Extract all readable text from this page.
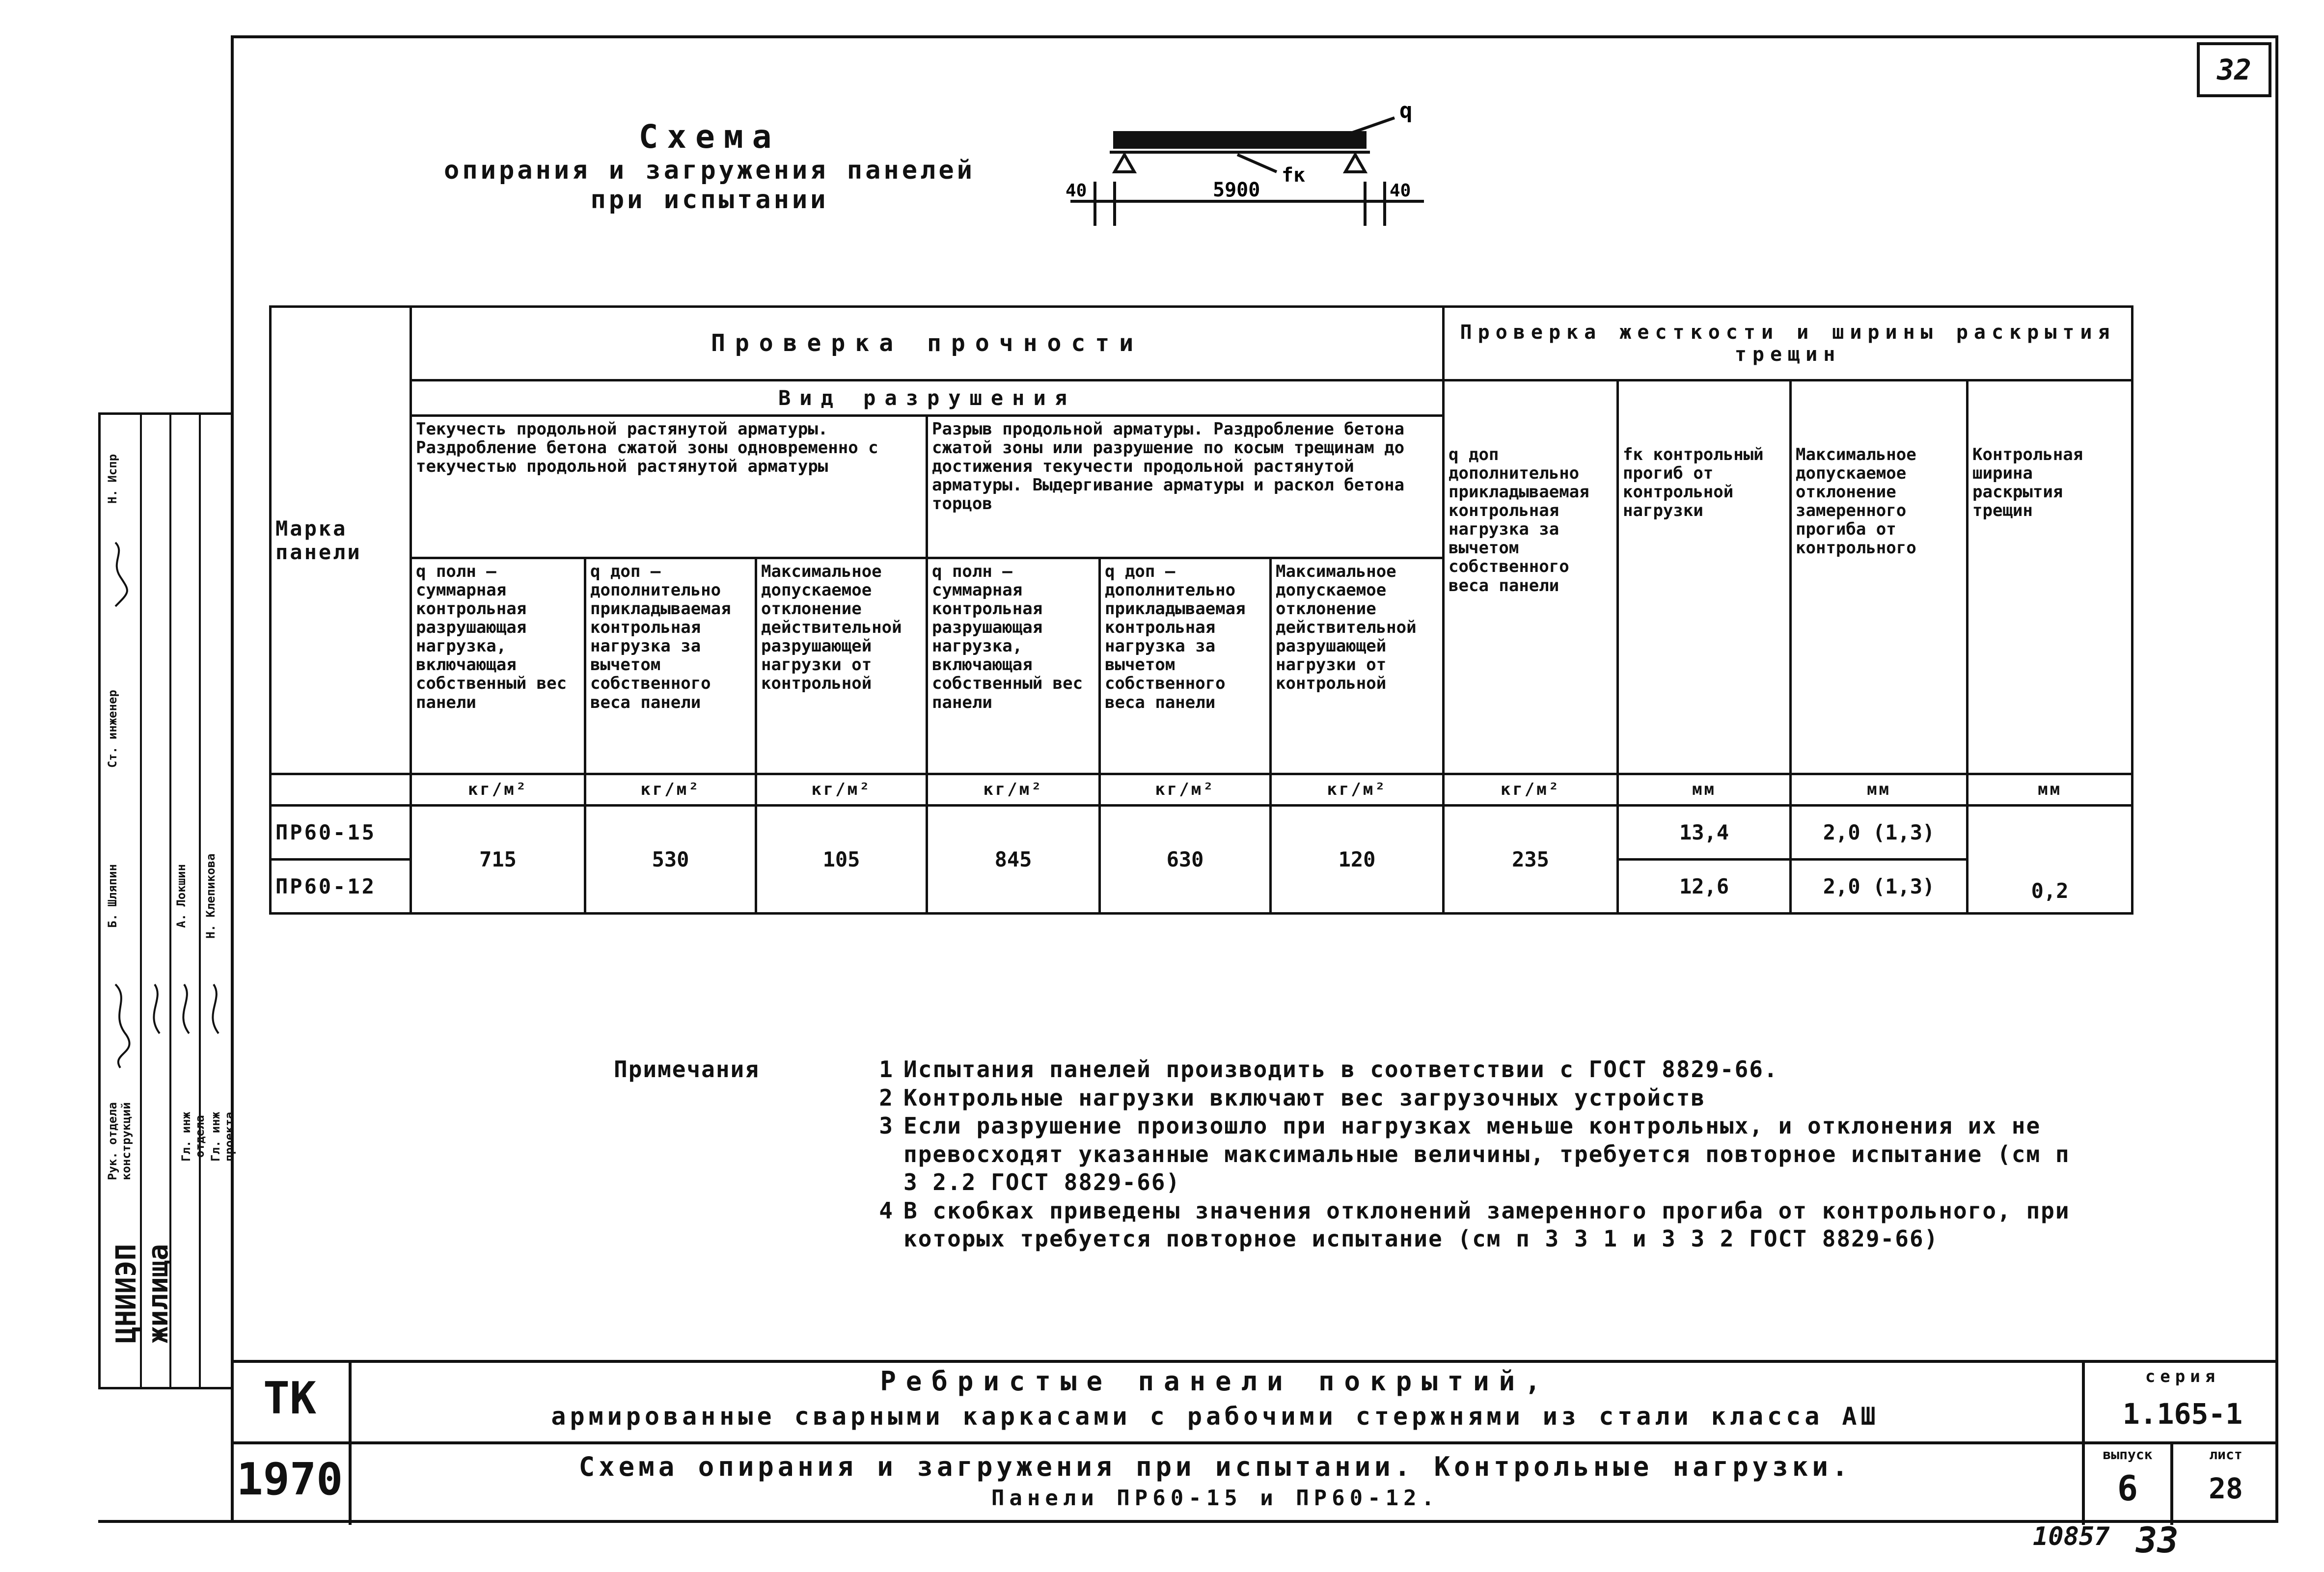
32
Схема
опирания и загружения панелей
при испытании
q
fк
40	5900	40
Марка панели	Проверка прочности						Проверка жесткости и ширины раскрытия трещин			
	Вид разрушения						q доп дополнительно прикладываемая контрольная нагрузка за вычетом собственного веса панели	fк контрольный прогиб от контрольной нагрузки	Максимальное допускаемое отклонение замеренного прогиба от контрольного	Контрольная ширина раскрытия трещин
	Текучесть продольной растянутой арматуры. Раздробление бетона сжатой зоны одновременно с текучестью продольной растянутой арматуры			Разрыв продольной арматуры. Раздробление бетона сжатой зоны или разрушение по косым трещинам до достижения текучести продольной растянутой арматуры. Выдергивание арматуры и раскол бетона торцов						
	q полн — суммарная контрольная разрушающая нагрузка, включающая собственный вес панели	q доп — дополнительно прикладываемая контрольная нагрузка за вычетом собственного веса панели	Максимальное допускаемое отклонение действительной разрушающей нагрузки от контрольной	q полн — суммарная контрольная разрушающая нагрузка, включающая собственный вес панели	q доп — дополнительно прикладываемая контрольная нагрузка за вычетом собственного веса панели	Максимальное допускаемое отклонение действительной разрушающей нагрузки от контрольной				
	кг/м²	кг/м²	кг/м²	кг/м²	кг/м²	кг/м²	кг/м²	мм	мм	мм
ПР60-15	715	530	105	845	630	120	235	13,4	2,0 (1,3)	0,2
ПР60-12								12,6	2,0 (1,3)	
Примечания	1 Испытания панелей производить в соответствии с ГОСТ 8829-66.
2 Контрольные нагрузки включают вес загрузочных устройств
3 Если разрушение произошло при нагрузках меньше контрольных, и отклонения их не превосходят указанные максимальные величины, требуется повторное испытание (см п 3 2.2 ГОСТ 8829-66)
4 В скобках приведены значения отклонений замеренного прогиба от контрольного, при которых требуется повторное испытание (см п 3 3 1 и 3 3 2 ГОСТ 8829-66)
Н. Испр
Ст. инженер
Гл. инж проекта
Гл. инж отдела
Рук. отдела конструкций
Б. Шляпин	А. Локшин	Н. Клепикова
ЦНИИЭП жилища
ТК
1970
Ребристые панели покрытий,
армированные сварными каркасами с рабочими стержнями из стали класса АШ
Схема опирания и загружения при испытании. Контрольные нагрузки.
Панели ПР60-15 и ПР60-12.
серия
1.165-1
выпуск
6
лист
28
10857 33
